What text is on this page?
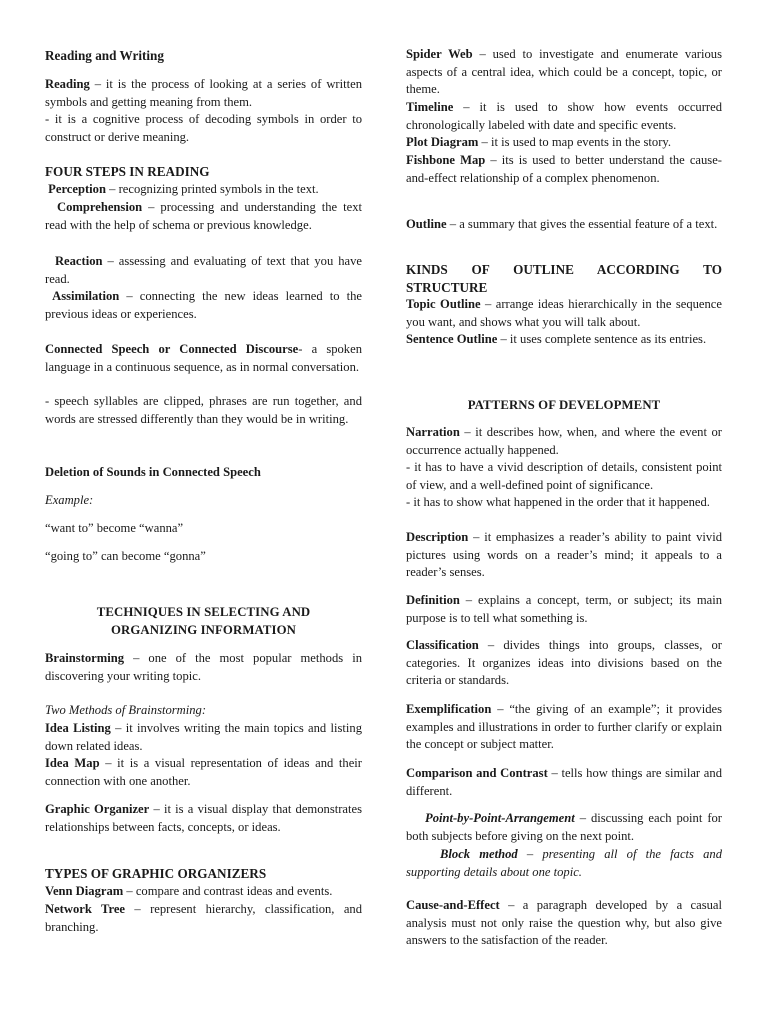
Reading and Writing

Reading – it is the process of looking at a series of written symbols and getting meaning from them.

- it is a cognitive process of decoding symbols in order to construct or derive meaning.

FOUR STEPS IN READING

Perception – recognizing printed symbols in the text.

Comprehension – processing and understanding the text read with the help of schema or previous knowledge.

Reaction – assessing and evaluating of text that you have read.

Assimilation – connecting the new ideas learned to the previous ideas or experiences.

Connected Speech or Connected Discourse- a spoken language in a continuous sequence, as in normal conversation.

- speech syllables are clipped, phrases are run together, and words are stressed differently than they would be in writing.

Deletion of Sounds in Connected Speech

Example:

“want to” become “wanna”

“going to” can become “gonna”

TECHNIQUES IN SELECTING AND

ORGANIZING INFORMATION

Brainstorming – one of the most popular methods in discovering your writing topic.

Two Methods of Brainstorming:

Idea Listing – it involves writing the main topics and listing down related ideas.

Idea Map – it is a visual representation of ideas and their connection with one another.

Graphic Organizer – it is a visual display that demonstrates relationships between facts, concepts, or ideas.

TYPES OF GRAPHIC ORGANIZERS

Venn Diagram – compare and contrast ideas and events.

Network Tree – represent hierarchy, classification, and branching.

Spider Web – used to investigate and enumerate various aspects of a central idea, which could be a concept, topic, or theme.

Timeline – it is used to show how events occurred chronologically labeled with date and specific events.

Plot Diagram – it is used to map events in the story.

Fishbone Map – its is used to better understand the cause-and-effect relationship of a complex phenomenon.

Outline – a summary that gives the essential feature of a text.

KINDS OF OUTLINE ACCORDING TO STRUCTURE

Topic Outline – arrange ideas hierarchically in the sequence you want, and shows what you will talk about.

Sentence Outline – it uses complete sentence as its entries.

PATTERNS OF DEVELOPMENT

Narration – it describes how, when, and where the event or occurrence actually happened.

- it has to have a vivid description of details, consistent point of view, and a well-defined point of significance.

- it has to show what happened in the order that it happened.

Description – it emphasizes a reader’s ability to paint vivid pictures using words on a reader’s mind; it appeals to a reader’s senses.

Definition – explains a concept, term, or subject; its main purpose is to tell what something is.

Classification – divides things into groups, classes, or categories. It organizes ideas into divisions based on the criteria or standards.

Exemplification – “the giving of an example”; it provides examples and illustrations in order to further clarify or explain the concept or subject matter.

Comparison and Contrast – tells how things are similar and different.

Point-by-Point-Arrangement – discussing each point for both subjects before giving on the next point.

Block method – presenting all of the facts and supporting details about one topic.

Cause-and-Effect – a paragraph developed by a casual analysis must not only raise the question why, but also give answers to the satisfaction of the reader.
